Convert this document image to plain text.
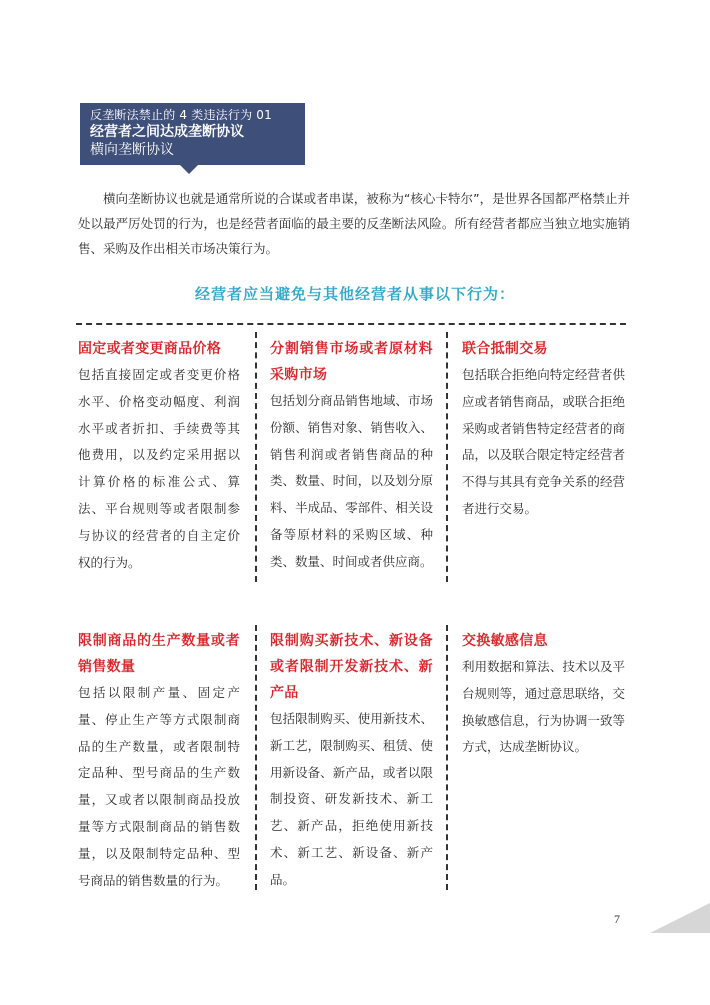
反垄断法禁止的 4 类违法行为 01
经营者之间达成垄断协议
横向垄断协议
横向垄断协议也就是通常所说的合谋或者串谋，被称为“核心卡特尔”，是世界各国都严格禁止并处以最严厉处罚的行为，也是经营者面临的最主要的反垄断法风险。所有经营者都应当独立地实施销售、采购及作出相关市场决策行为。
经营者应当避免与其他经营者从事以下行为：
固定或者变更商品价格
包括直接固定或者变更价格水平、价格变动幅度、利润水平或者折扣、手续费等其他费用，以及约定采用据以计算价格的标准公式、算法、平台规则等或者限制参与协议的经营者的自主定价权的行为。
分割销售市场或者原材料采购市场
包括划分商品销售地域、市场份额、销售对象、销售收入、销售利润或者销售商品的种类、数量、时间，以及划分原料、半成品、零部件、相关设备等原材料的采购区域、种类、数量、时间或者供应商。
联合抵制交易
包括联合拒绝向特定经营者供应或者销售商品，或联合拒绝采购或者销售特定经营者的商品，以及联合限定特定经营者不得与其具有竞争关系的经营者进行交易。
限制商品的生产数量或者销售数量
包括以限制产量、固定产量、停止生产等方式限制商品的生产数量，或者限制特定品种、型号商品的生产数量，又或者以限制商品投放量等方式限制商品的销售数量，以及限制特定品种、型号商品的销售数量的行为。
限制购买新技术、新设备或者限制开发新技术、新产品
包括限制购买、使用新技术、新工艺，限制购买、租赁、使用新设备、新产品，或者以限制投资、研发新技术、新工艺、新产品，拒绝使用新技术、新工艺、新设备、新产品。
交换敏感信息
利用数据和算法、技术以及平台规则等，通过意思联络，交换敏感信息，行为协调一致等方式，达成垄断协议。
7
